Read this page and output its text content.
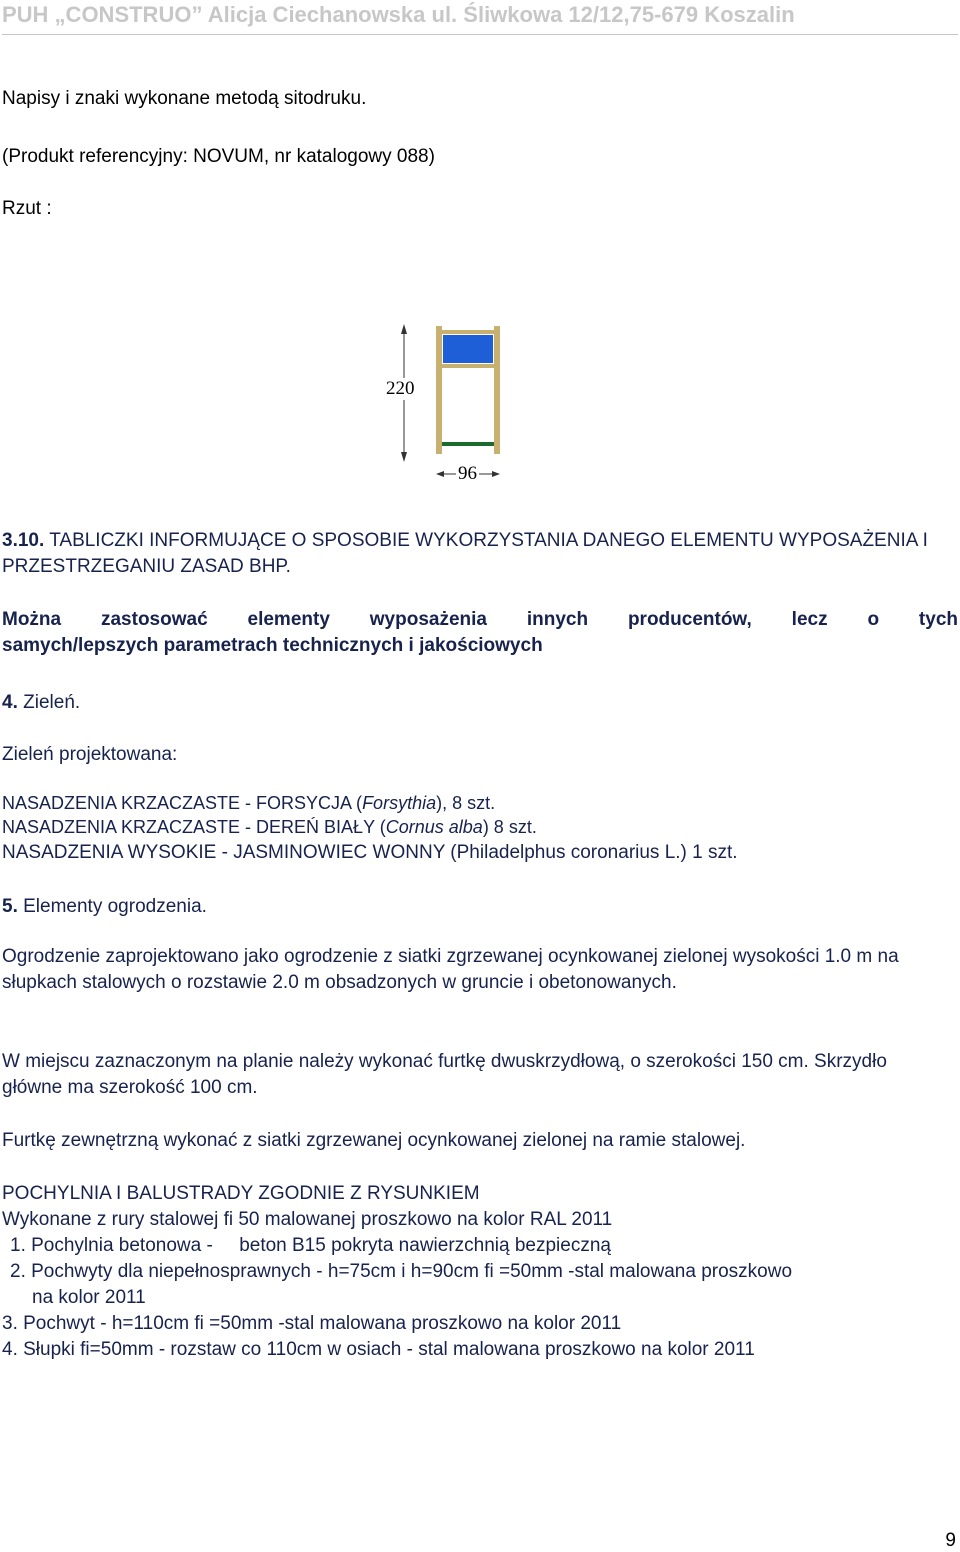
PUH „CONSTRUO” Alicja Ciechanowska ul. Śliwkowa 12/12,75-679 Koszalin
Napisy i znaki wykonane metodą sitodruku.
(Produkt referencyjny: NOVUM, nr katalogowy 088)
Rzut :
220
96
3.10. TABLICZKI INFORMUJĄCE O SPOSOBIE WYKORZYSTANIA DANEGO ELEMENTU WYPOSAŻENIA I PRZESTRZEGANIU ZASAD BHP.
Można zastosować elementy wyposażenia innych producentów, lecz o tych
samych/lepszych parametrach technicznych i jakościowych
4. Zieleń.
Zieleń projektowana:
NASADZENIA KRZACZASTE - FORSYCJA (Forsythia), 8 szt.
NASADZENIA KRZACZASTE - DEREŃ BIAŁY (Cornus alba) 8 szt.
NASADZENIA WYSOKIE - JASMINOWIEC WONNY (Philadelphus coronarius L.) 1 szt.
5. Elementy ogrodzenia.
Ogrodzenie zaprojektowano jako ogrodzenie z siatki zgrzewanej ocynkowanej zielonej wysokości 1.0 m na słupkach stalowych o rozstawie 2.0 m obsadzonych w gruncie i obetonowanych.
W miejscu zaznaczonym na planie należy wykonać furtkę dwuskrzydłową, o szerokości 150 cm. Skrzydło główne ma szerokość 100 cm.
Furtkę zewnętrzną wykonać z siatki zgrzewanej ocynkowanej zielonej na ramie stalowej.
POCHYLNIA I BALUSTRADY ZGODNIE Z RYSUNKIEM
Wykonane z rury stalowej fi 50 malowanej proszkowo na kolor RAL 2011
1. Pochylnia betonowa -     beton B15 pokryta nawierzchnią bezpieczną
2. Pochwyty dla niepełnosprawnych - h=75cm i h=90cm fi =50mm -stal malowana proszkowo
na kolor 2011
3. Pochwyt - h=110cm fi =50mm -stal malowana proszkowo na kolor 2011
4. Słupki fi=50mm - rozstaw co 110cm w osiach - stal malowana proszkowo na kolor 2011
9
